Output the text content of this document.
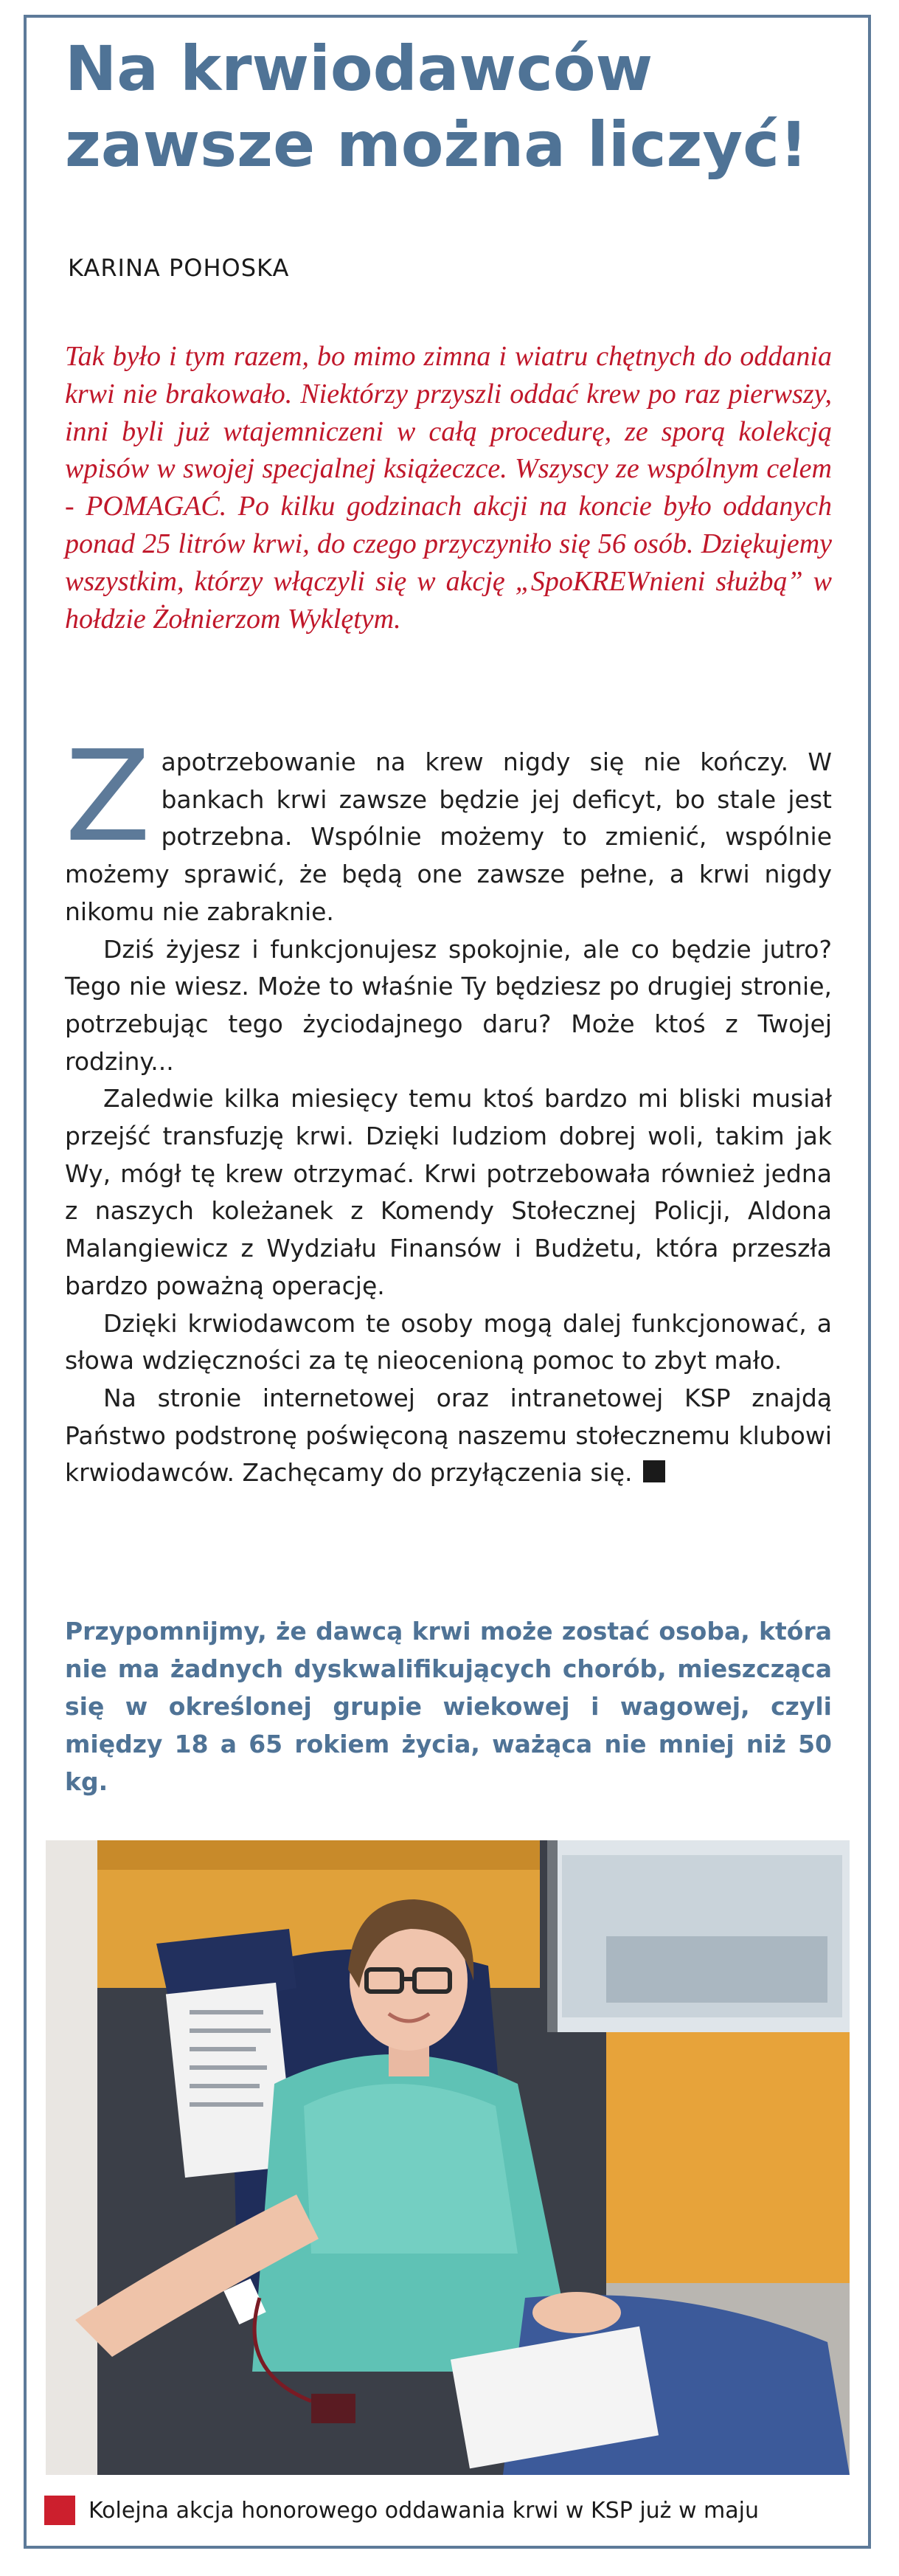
Na krwiodawców zawsze można liczyć!
KARINA POHOSKA

Tak było i tym razem, bo mimo zimna i wiatru chętnych do oddania krwi nie brakowało. Niektórzy przyszli oddać krew po raz pierwszy, inni byli już wtajemniczeni w całą procedurę, ze sporą kolekcją wpisów w swojej specjalnej książeczce. Wszyscy ze wspólnym celem - POMAGAĆ. Po kilku godzinach akcji na koncie było oddanych ponad 25 litrów krwi, do czego przyczyniło się 56 osób. Dziękujemy wszystkim, którzy włączyli się w akcję „SpoKREWnieni służbą” w hołdzie Żołnierzom Wyklętym.

Zapotrzebowanie na krew nigdy się nie kończy. W bankach krwi zawsze będzie jej deficyt, bo stale jest potrzebna. Wspólnie możemy to zmienić, wspólnie możemy sprawić, że będą one zawsze pełne, a krwi nigdy nikomu nie zabraknie.

Dziś żyjesz i funkcjonujesz spokojnie, ale co będzie jutro? Tego nie wiesz. Może to właśnie Ty będziesz po drugiej stronie, potrzebując tego życiodajnego daru? Może ktoś z Twojej rodziny...

Zaledwie kilka miesięcy temu ktoś bardzo mi bliski musiał przejść transfuzję krwi. Dzięki ludziom dobrej woli, takim jak Wy, mógł tę krew otrzymać. Krwi potrzebowała również jedna z naszych koleżanek z Komendy Stołecznej Policji, Aldona Malangiewicz z Wydziału Finansów i Budżetu, która przeszła bardzo poważną operację.

Dzięki krwiodawcom te osoby mogą dalej funkcjonować, a słowa wdzięczności za tę nieocenioną pomoc to zbyt mało.

Na stronie internetowej oraz intranetowej KSP znajdą Państwo podstronę poświęconą naszemu stołecznemu klubowi krwiodawców. Zachęcamy do przyłączenia się.

Przypomnijmy, że dawcą krwi może zostać osoba, która nie ma żadnych dyskwalifikujących chorób, mieszcząca się w określonej grupie wiekowej i wagowej, czyli między 18 a 65 rokiem życia, ważąca nie mniej niż 50 kg.

Kolejna akcja honorowego oddawania krwi w KSP już w maju
